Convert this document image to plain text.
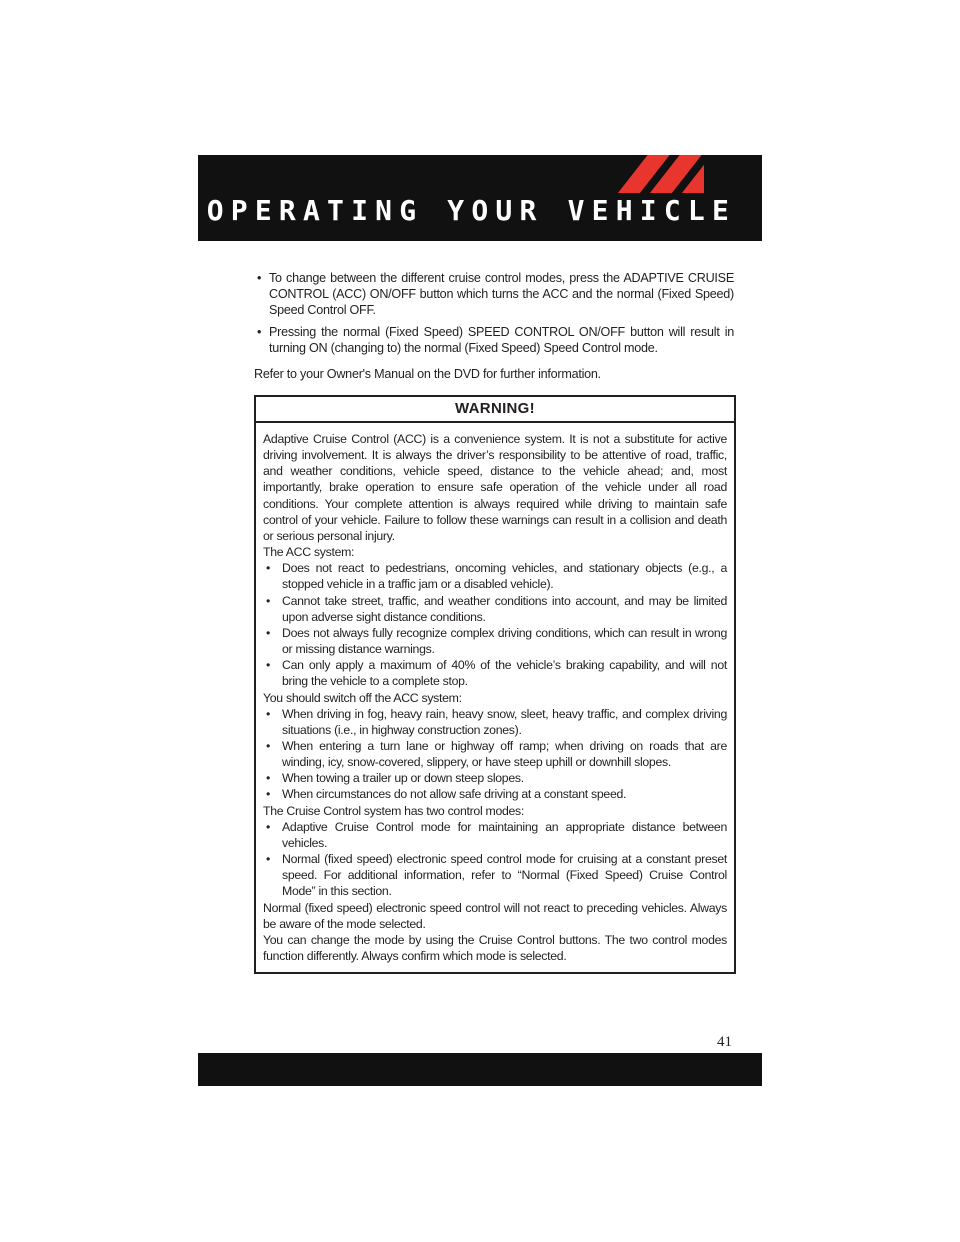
OPERATING YOUR VEHICLE
• To change between the different cruise control modes, press the ADAPTIVE CRUISE CONTROL (ACC) ON/OFF button which turns the ACC and the normal (Fixed Speed) Speed Control OFF.
• Pressing the normal (Fixed Speed) SPEED CONTROL ON/OFF button will result in turning ON (changing to) the normal (Fixed Speed) Speed Control mode.
Refer to your Owner's Manual on the DVD for further information.
WARNING!
Adaptive Cruise Control (ACC) is a convenience system. It is not a substitute for active driving involvement. It is always the driver’s responsibility to be attentive of road, traffic, and weather conditions, vehicle speed, distance to the vehicle ahead; and, most importantly, brake operation to ensure safe operation of the vehicle under all road conditions. Your complete attention is always required while driving to maintain safe control of your vehicle. Failure to follow these warnings can result in a collision and death or serious personal injury.
The ACC system:
• Does not react to pedestrians, oncoming vehicles, and stationary objects (e.g., a stopped vehicle in a traffic jam or a disabled vehicle).
• Cannot take street, traffic, and weather conditions into account, and may be limited upon adverse sight distance conditions.
• Does not always fully recognize complex driving conditions, which can result in wrong or missing distance warnings.
• Can only apply a maximum of 40% of the vehicle’s braking capability, and will not bring the vehicle to a complete stop.
You should switch off the ACC system:
• When driving in fog, heavy rain, heavy snow, sleet, heavy traffic, and complex driving situations (i.e., in highway construction zones).
• When entering a turn lane or highway off ramp; when driving on roads that are winding, icy, snow-covered, slippery, or have steep uphill or downhill slopes.
• When towing a trailer up or down steep slopes.
• When circumstances do not allow safe driving at a constant speed.
The Cruise Control system has two control modes:
• Adaptive Cruise Control mode for maintaining an appropriate distance between vehicles.
• Normal (fixed speed) electronic speed control mode for cruising at a constant preset speed. For additional information, refer to “Normal (Fixed Speed) Cruise Control Mode” in this section.
Normal (fixed speed) electronic speed control will not react to preceding vehicles. Always be aware of the mode selected.
You can change the mode by using the Cruise Control buttons. The two control modes function differently. Always confirm which mode is selected.
41
